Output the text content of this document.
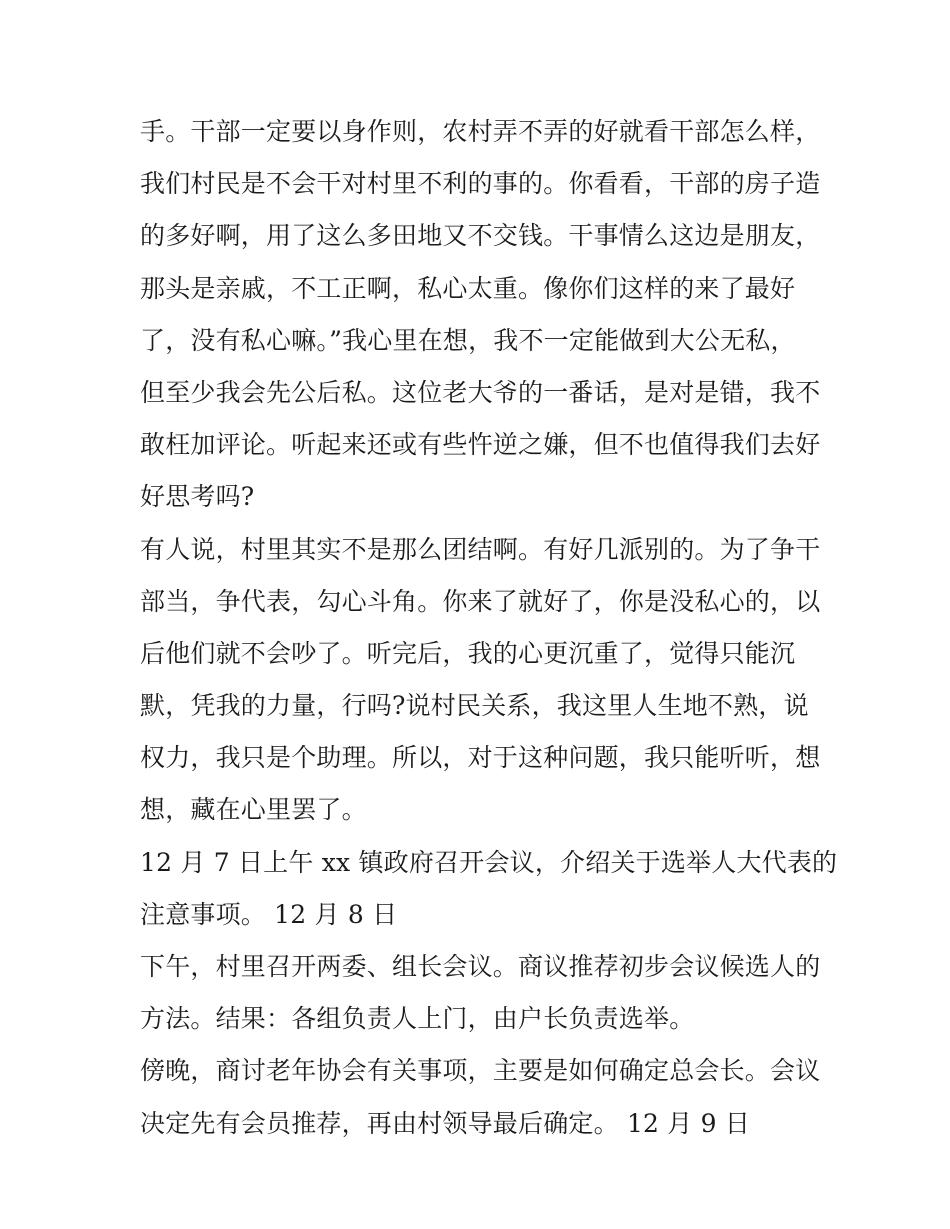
手。干部一定要以身作则，农村弄不弄的好就看干部怎么样，
我们村民是不会干对村里不利的事的。你看看，干部的房子造
的多好啊，用了这么多田地又不交钱。干事情么这边是朋友，
那头是亲戚，不工正啊，私心太重。像你们这样的来了最好
了，没有私心嘛。”我心里在想，我不一定能做到大公无私，
但至少我会先公后私。这位老大爷的一番话，是对是错，我不
敢枉加评论。听起来还或有些忤逆之嫌，但不也值得我们去好
好思考吗?
有人说，村里其实不是那么团结啊。有好几派别的。为了争干
部当，争代表，勾心斗角。你来了就好了，你是没私心的，以
后他们就不会吵了。听完后，我的心更沉重了，觉得只能沉
默，凭我的力量，行吗?说村民关系，我这里人生地不熟，说
权力，我只是个助理。所以，对于这种问题，我只能听听，想
想，藏在心里罢了。
12 月 7 日上午 xx 镇政府召开会议，介绍关于选举人大代表的
注意事项。 12 月 8 日
下午，村里召开两委、组长会议。商议推荐初步会议候选人的
方法。结果：各组负责人上门，由户长负责选举。
傍晚，商讨老年协会有关事项，主要是如何确定总会长。会议
决定先有会员推荐，再由村领导最后确定。 12 月 9 日
